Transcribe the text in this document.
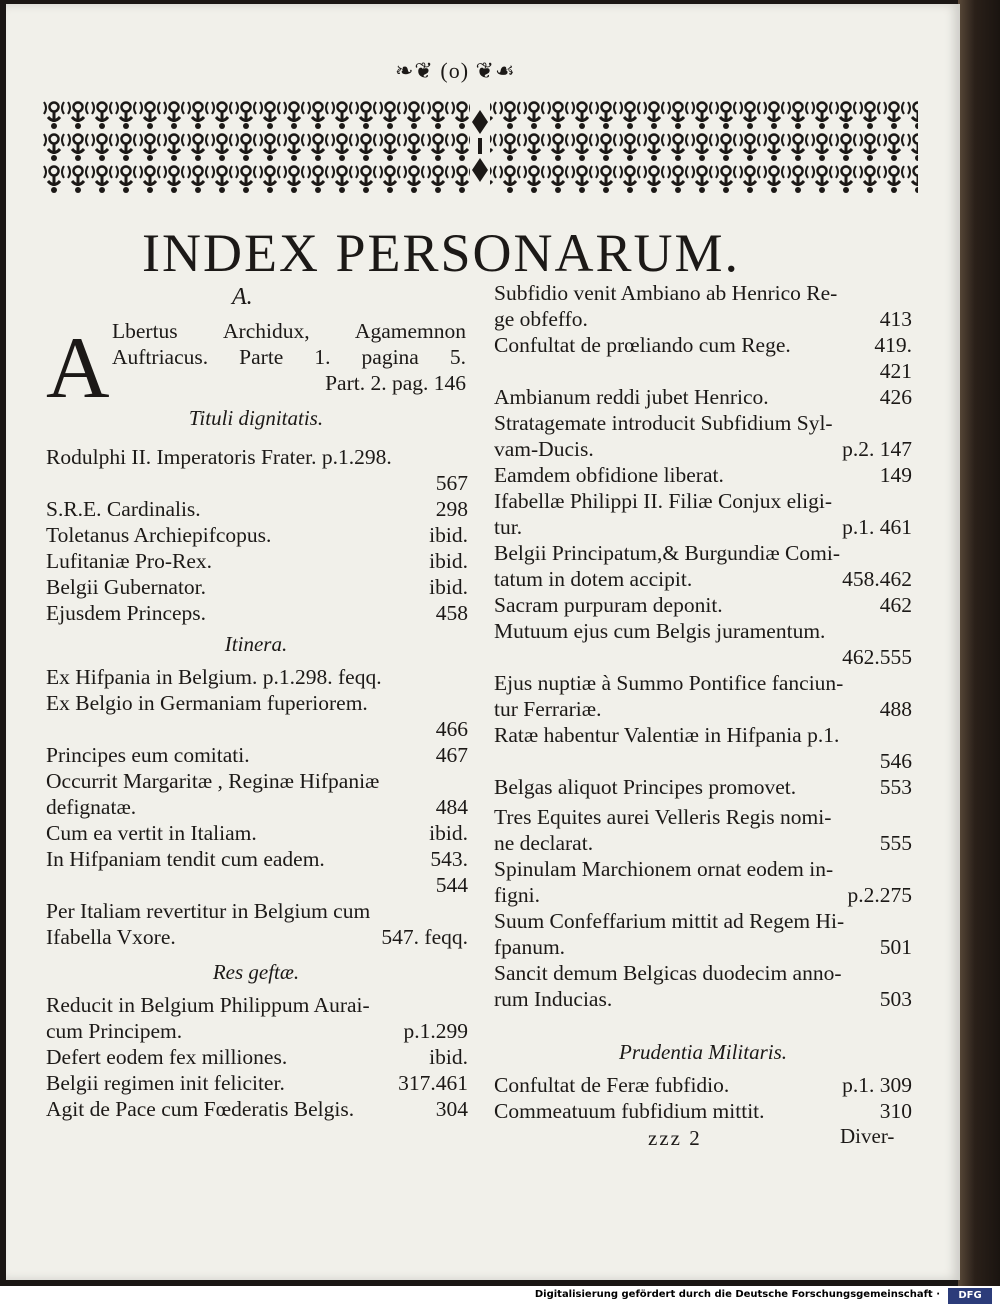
❧❦ (o) ❦☙
INDEX PERSONARUM.
A.
A Lbertus Archidux, Agamemnon
Auftriacus. Parte 1. pagina 5.
Part. 2. pag. 146
Tituli dignitatis.
Rodulphi II. Imperatoris Frater. p.1.298.
567
S.R.E. Cardinalis.	298
Toletanus Archiepifcopus.	ibid.
Lufitaniæ Pro-Rex.	ibid.
Belgii Gubernator.	ibid.
Ejusdem Princeps.	458
Itinera.
Ex Hifpania in Belgium. p.1.298. feqq.
Ex Belgio in Germaniam fuperiorem.
466
Principes eum comitati.	467
Occurrit Margaritæ , Reginæ Hifpaniæ
defignatæ.	484
Cum ea vertit in Italiam.	ibid.
In Hifpaniam tendit cum eadem.	543.
544
Per Italiam revertitur in Belgium cum
Ifabella Vxore.	547. feqq.
Res geftæ.
Reducit in Belgium Philippum Aurai-
cum Principem.	p.1.299
Defert eodem fex milliones.	ibid.
Belgii regimen init feliciter.	317.461
Agit de Pace cum Fœderatis Belgis.	304
Subfidio venit Ambiano ab Henrico Re-
ge obfeffo.	413
Confultat de prœliando cum Rege.	419.
421
Ambianum reddi jubet Henrico.	426
Stratagemate introducit Subfidium Syl-
vam-Ducis.	p.2. 147
Eamdem obfidione liberat.	149
Ifabellæ Philippi II. Filiæ Conjux eligi-
tur.	p.1. 461
Belgii Principatum,& Burgundiæ Comi-
tatum in dotem accipit.	458.462
Sacram purpuram deponit.	462
Mutuum ejus cum Belgis juramentum.
462.555
Ejus nuptiæ à Summo Pontifice fanciun-
tur Ferrariæ.	488
Ratæ habentur Valentiæ in Hifpania p.1.
546
Belgas aliquot Principes promovet.	553
Tres Equites aurei Velleris Regis nomi-
ne declarat.	555
Spinulam Marchionem ornat eodem in-
figni.	p.2.275
Suum Confeffarium mittit ad Regem Hi-
fpanum.	501
Sancit demum Belgicas duodecim anno-
rum Inducias.	503
Prudentia Militaris.
Confultat de Feræ fubfidio.	p.1. 309
Commeatuum fubfidium mittit.	310
zzz 2	Diver-
Digitalisierung gefördert durch die Deutsche Forschungsgemeinschaft ·	DFG
